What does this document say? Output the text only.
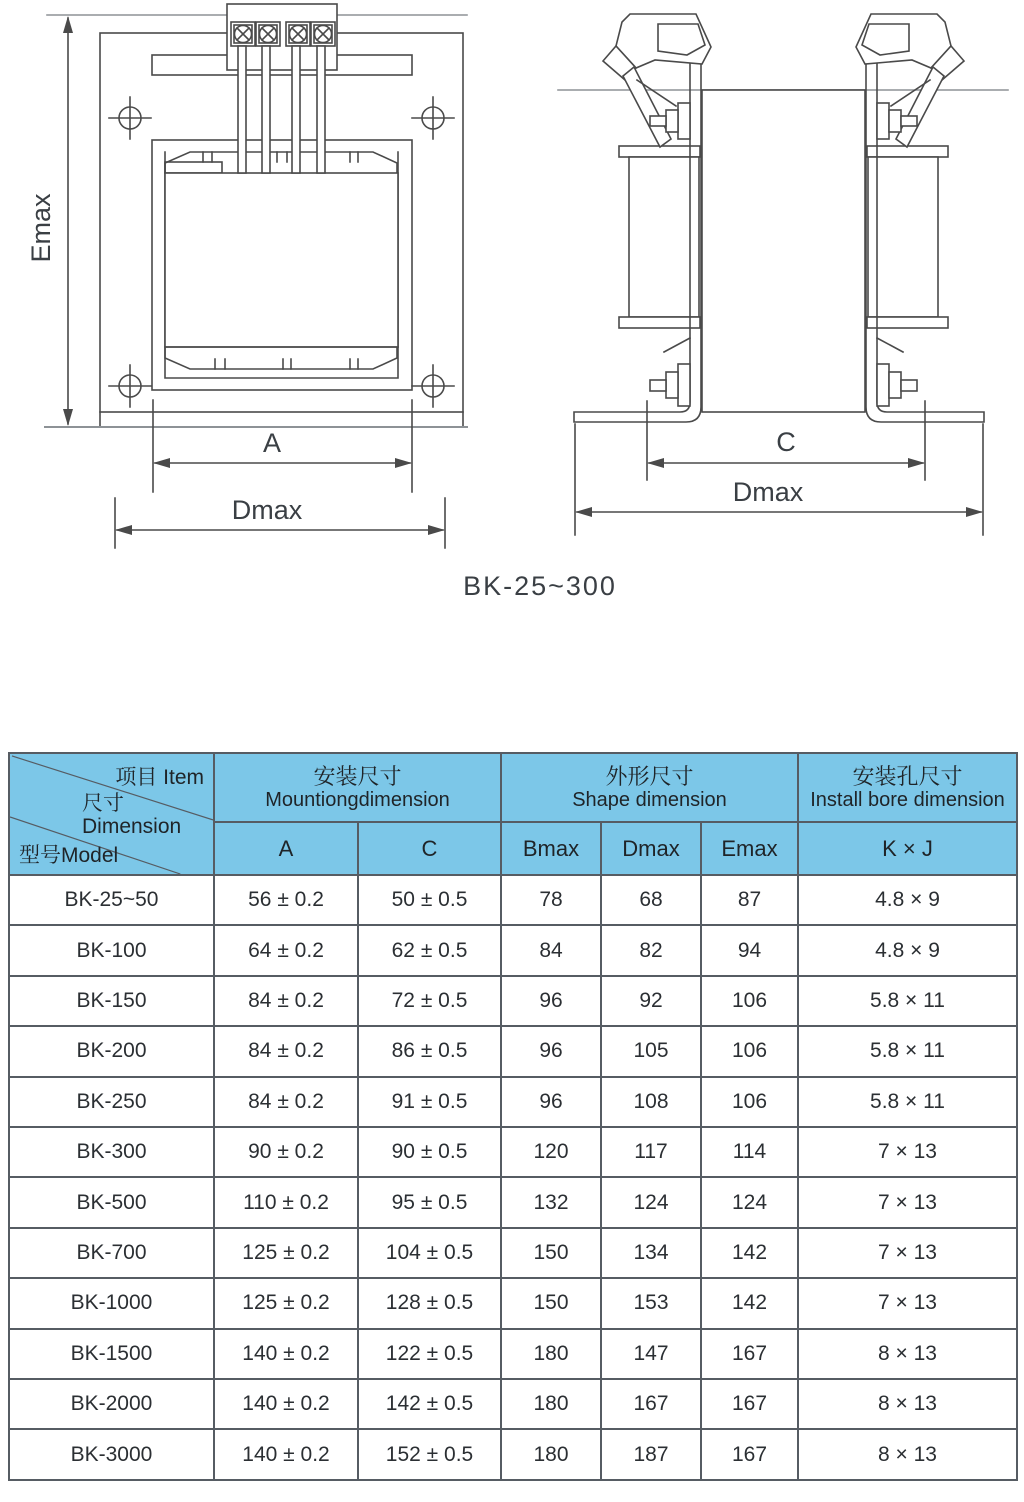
Emax
A
Dmax
C
Dmax
BK-25~300
项目 Item
尺寸
Dimension
型号Model

安装尺寸
Mountiongdimension

外形尺寸
Shape dimension

安装孔尺寸
Install bore dimension

	A	C	Bmax	Dmax	Emax	K × J
BK-25~50	56 ± 0.2	50 ± 0.5	78	68	87	4.8 × 9
BK-100	64 ± 0.2	62 ± 0.5	84	82	94	4.8 × 9
BK-150	84 ± 0.2	72 ± 0.5	96	92	106	5.8 × 11
BK-200	84 ± 0.2	86 ± 0.5	96	105	106	5.8 × 11
BK-250	84 ± 0.2	91 ± 0.5	96	108	106	5.8 × 11
BK-300	90 ± 0.2	90 ± 0.5	120	117	114	7 × 13
BK-500	110 ± 0.2	95 ± 0.5	132	124	124	7 × 13
BK-700	125 ± 0.2	104 ± 0.5	150	134	142	7 × 13
BK-1000	125 ± 0.2	128 ± 0.5	150	153	142	7 × 13
BK-1500	140 ± 0.2	122 ± 0.5	180	147	167	8 × 13
BK-2000	140 ± 0.2	142 ± 0.5	180	167	167	8 × 13
BK-3000	140 ± 0.2	152 ± 0.5	180	187	167	8 × 13
